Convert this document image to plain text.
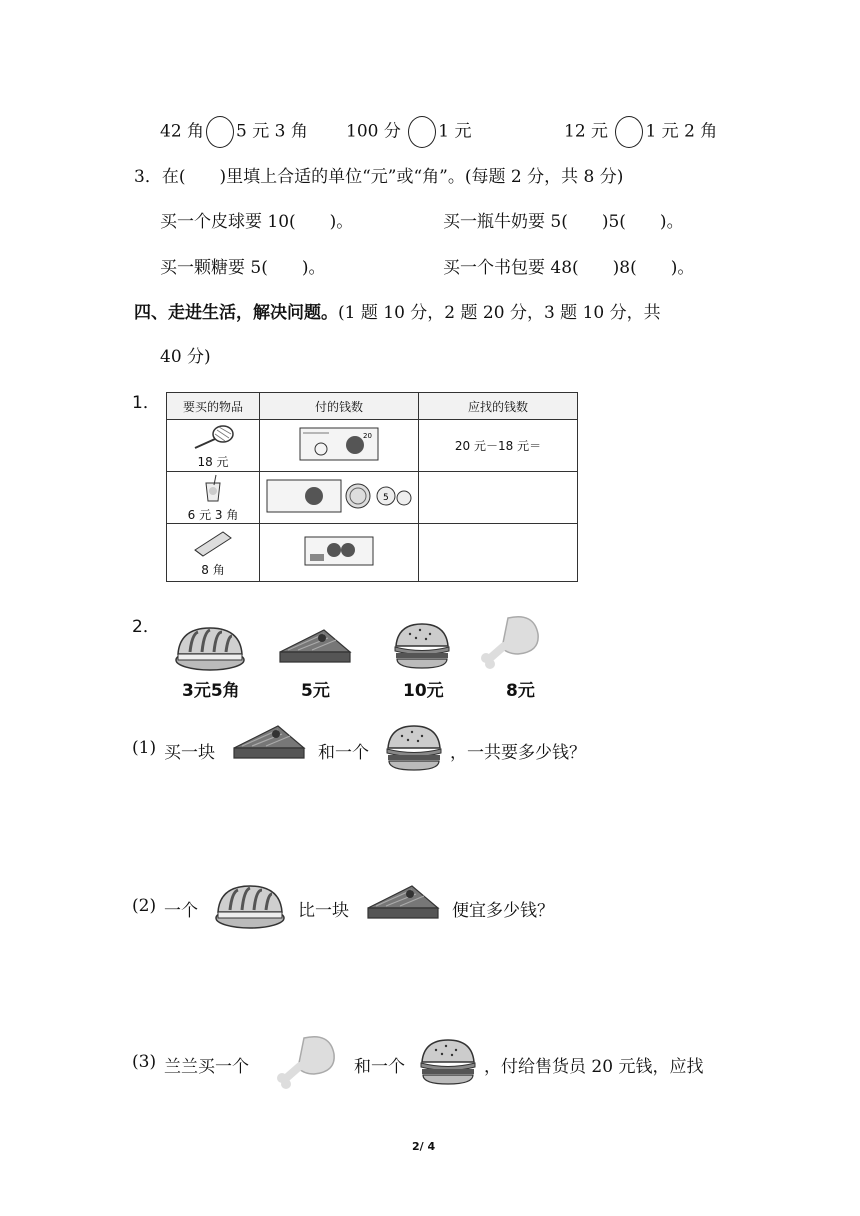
42 角 5 元 3 角 100 分 1 元	12 元 1 元 2 角
3．在(　　)里填上合适的单位“元”或“角”。(每题 2 分，共 8 分)
买一个皮球要 10(　　)。	买一瓶牛奶要 5(　　)5(　　)。
买一颗糖要 5(　　)。	买一个书包要 48(　　)8(　　)。
四、走进生活，解决问题。(1 题 10 分，2 题 20 分，3 题 10 分，共
40 分)
1． 要买的物品	付的钱数	应找的钱数

18 元	20	20 元－18 元＝

6 元 3 角	5	

8 角

2．
3元5角	5元	10元	8元
(1) 买一块	和一个	，一共要多少钱？
(2) 一个	比一块	便宜多少钱？
(3) 兰兰买一个	和一个	，付给售货员 20 元钱，应找
2/ 4
